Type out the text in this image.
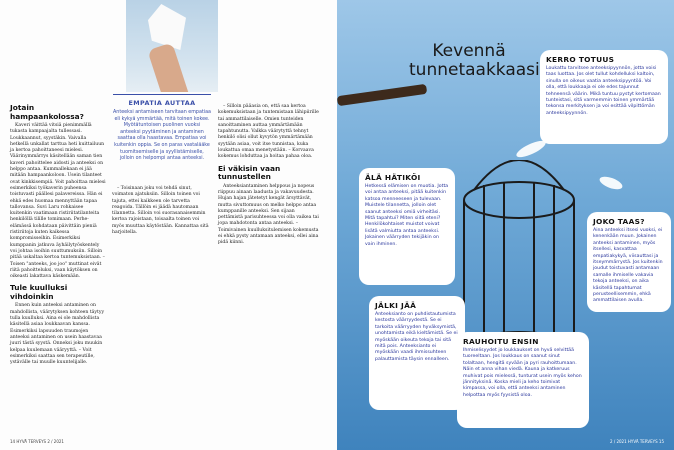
Jotain hampaankolossa?

Kaveri väittää vitsiä pienimmällä tukasta kampaajalta tullessasi. Loukkaannut, syystäkin. Vaivalla hetkellä unkallat tarttua heti kuittailuun ja kertoa pahoittaneesi mielesi. Väärinymmärrys käsitellään saman tien kaveri pahoittelee aidosti ja anteeksi on helppo antaa. Kummallekaan ei jää mitään hampaankoloon. Usein tilanteet ovat kinkkisempiä. Voit pahoittaa mielesi esimerkiksi työkaverin puheensa toistuvasti päällesi palavereissa. Hän ei ehkä edes huomaa mennyttään tapaa tallovansa. Suvi Laru rohkaisee kuitenkin vaatimaan ristiriitatilanteita henkilöllä tilille tomimaan. Perhe-elämässä kohdataan päivittäin pieniä ristiriitoja kuten kaikessa kompromisseihin. Esimerkiksi kumppanin jatkuva äyhäilytyöskentely voi johtaa isoihin suuttumuksiin. Silloin pitää uskaltaa kertoa tuntemuksistaan. – Toisen "anteeks, joo joo" muttinat eivät riitä pahoitteluksi, vaan käytöksen on oikeasti lakattava käskemään.

Tule kuulluksi vihdoinkin

Ennen kuin anteeksi antaminen on mahdollista, väärytyksen kohteen täytyy tulla kuulluksi. Aina ei ole mahdollista käsitellä asiaa loukkaavan kanssa. Esimerkiksi lapsuuden traumojen anteeksi antaminen on usein haastavaa juuri tästä syystä. Onneksi joku muukin kelpaa kuulemaan vääryyttä. – Voit esimerkiksi saattaa sen terapeutille, ystävälle tai muulle kuuntelijalle.

EMPATIA AUTTAA

Anteeksi antamiseen tarvitaan empatiaa eli kykyä ymmärtää, mitä toinen kokee. Myötätuntoisen puolinen vuoksi anteeksi pyytäminen ja antaminen saattaa olla haastavaa. Empatiaa voi kuitenkin oppia. Se on paras vastalääke tuomitsemiselle ja syyllistämiselle, jolloin on helpompi antaa anteeksi.

– Toisinaan joku voi tehdä sinut, voimaton ajatuksiin. Silloin toinen voi tajuta, ettei kaikkeen ole tarvetta reagoida. Tällöin ei jäädä hautomaan tilannetta. Silloin voi suorasanaisemmin kertoa rajoistaan, toisaalta toinen voi myös muuttaa käytöstään. Kannattaa sitä harjoitella.

– Silloin pääasia on, että saa kertoa kokemuksistaan ja tuntemistaan lähipiirille tai ammattilaiselle. Omien tunteiden sanoittaminen auttaa ymmärtämään tapahtunutta. Valkka väärytyttä tehnyt henkilö olisi ollut kyvytön ymmärtämään syytään asiaa, voit itse tunnistaa, kuka loukattua omaa menetystään. – Korvaava kokemus lohduttaa ja hoitaa pahaa oloa.

Ei väkisin vaan tunnustellen

Anteeksiantaminen helppous ja nopeus riippuu ainaan laadusta ja vakavuudesta. Hujan hajan jätetetyt kengät ärsyttävät, mutta sivuttomuus on melko helppo antaa kumppanille anteeksi. Sen sijaan pettämistä parisuhteessa voi olla vaikea tai jopa mahdotonta antaa anteeksi. – Toimivainen kuulluksitulemisen kokemusta ei ehkä pysty antamaan anteeksi, ellei aina pidä kiinni.

14 HYVÄ TERVEYS 2 / 2021
Kevennä tunnetaakkaasi
KERRO TOTUUS

Loukattu tarvitsee anteeksipyynnön, jotta voisi taas luottaa. Jos olet tullut kohdelluksi kaltoin, sinulla on oikeus vaatia anteeksipyyntöä. Voi olla, että loukkaaja ei ole edes tajunnut tehneensä väärin. Mikä tuntuu pystyt kertomaan tunteistasi, sitä varmemmin toinen ymmärtää tekonsa merkityksen ja voi esittää vilpittömän anteeksipyynnön.

ÄLÄ HÄTIKÖI

Hetkessä elämisen on muotia. Jotta voi antaa anteeksi, pitää kuitenkin katsoa menneeseen ja tulevaan. Muistele tilannetta, jolloin olet saanut anteeksi omiä virheitäsi. Mitä tapahtui? Miten siitä eteni? Henkilökohtaiset muistot voivat lisätä valmiutta antaa anteeksi. Jokainen väärryden tekijäkin on vain ihminen.

JOKO TAAS?

Aina anteeksi itsesi vuoksi, ei kenenkään muun. Jokainen anteeksi antaminen, myös itsellesi, kasvattaa empatiakykyä, viisauttasi ja itseymmärrystä. Jos kuitenkin joudut toistuvasti antamaan samalle ihmiselle vakavia tekoja anteeksi, on aika käsitellä tapahtumat perusteellisemmin, ehkä ammattilaisen avulla.

JÄLKI JÄÄ

Anteeksianto on puhdistautumista kestosta väärryydestä. Se ei tarkoita väärryyden hyväksymistä, unohtamista eikä kieltämistä. Se ei myöskään oikeuta tekoja tai sitä mitä pois. Anteeksianto ei myöskään vaadi ihmissuhteen palauttamista täysin ennalleen.

RAUHOITU ENSIN

Ihmiselisyydet jo loukkaukset on hyvä selvittää tuoreeltaan. Jos loukkaus on saanut sinut tolaltaan, hengitä syvään ja pyri rauhoittumaan. Näin et anna vihan viedä. Kauna ja katkeruus muhivat pois mielessä, tunturat usein myös kehon jännityksinä. Koska mieli ja keho toimivat kimpassa, voi olla, että anteeksi antaminen helpottaa myös fyysistä oloa.

2 / 2021 HYVÄ TERVEYS 15
